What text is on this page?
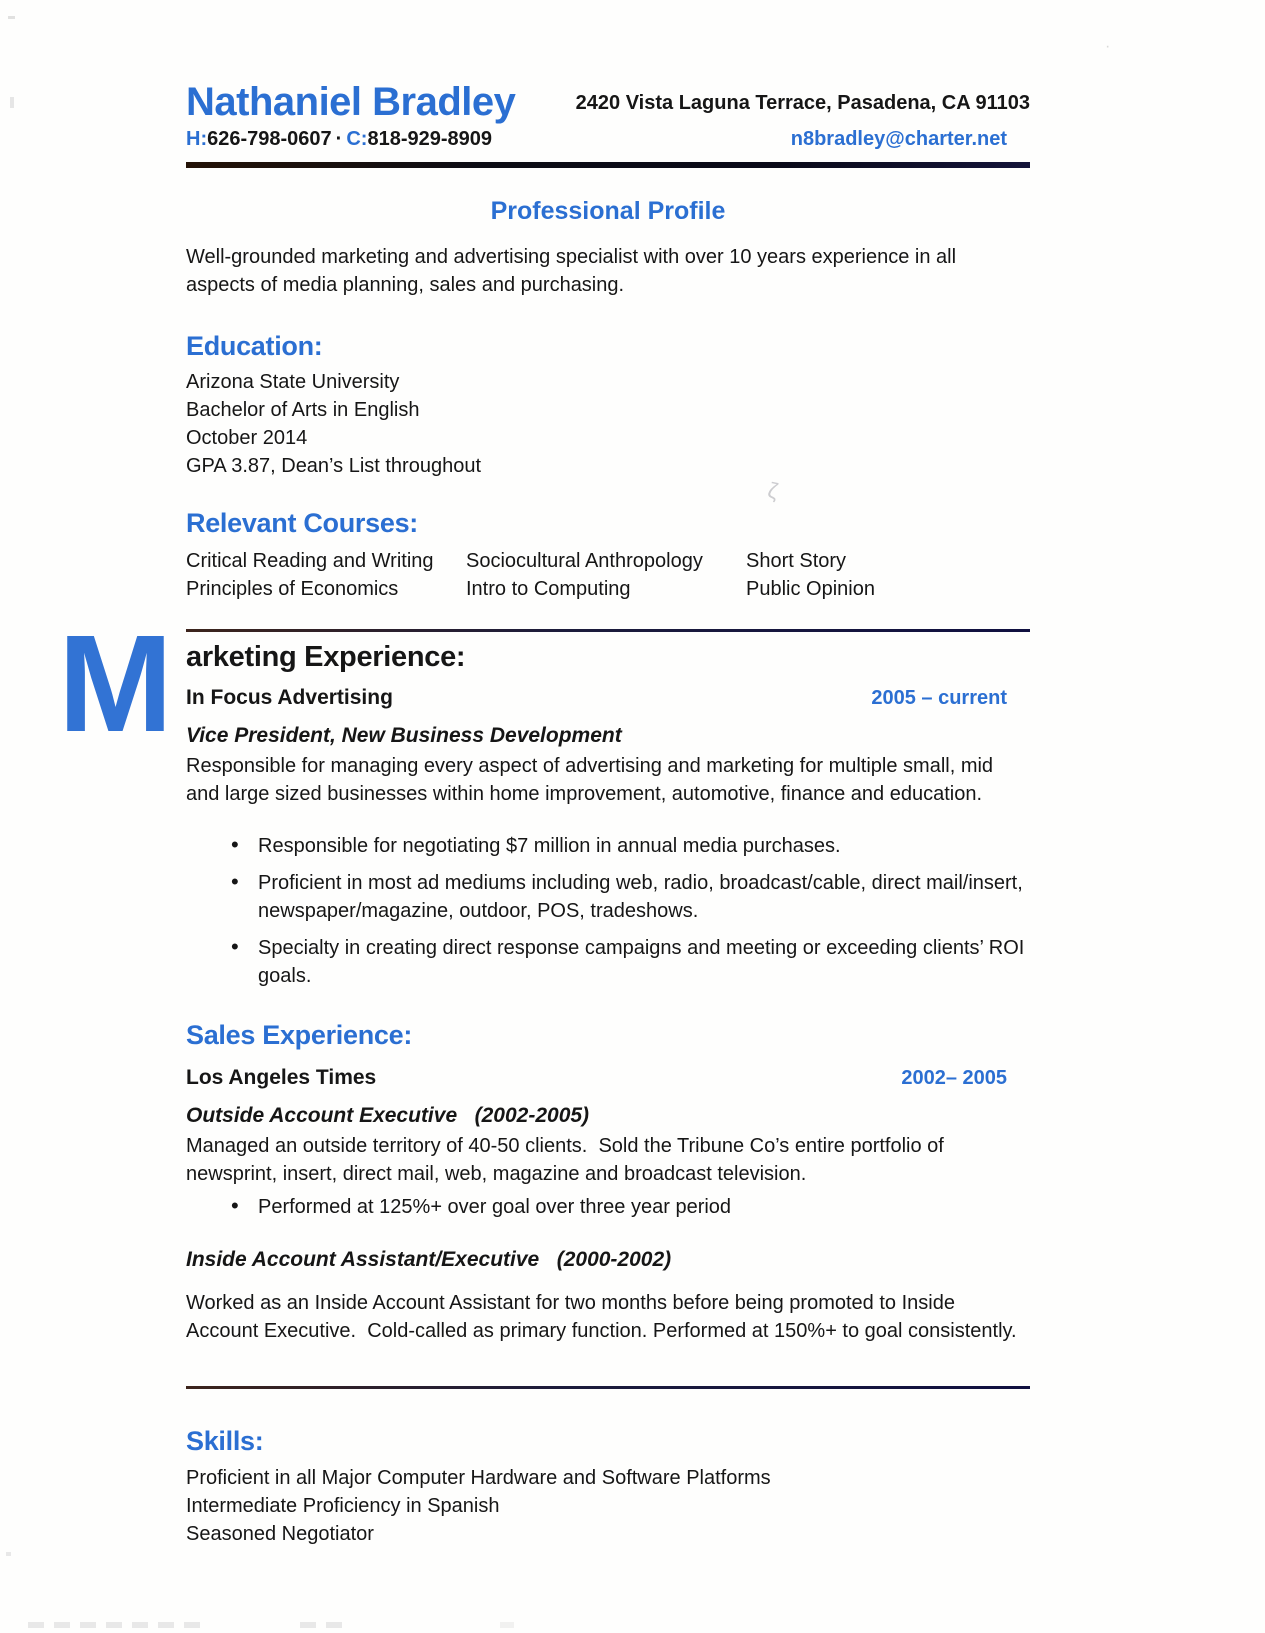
Nathaniel Bradley	2420 Vista Laguna Terrace, Pasadena, CA 91103
H:626-798-0607 · C:818-929-8909	n8bradley@charter.net
Professional Profile
Well-grounded marketing and advertising specialist with over 10 years experience in all aspects of media planning, sales and purchasing.
Education:
Arizona State University
Bachelor of Arts in English
October 2014
GPA 3.87, Dean’s List throughout
Relevant Courses:
Critical Reading and Writing	Sociocultural Anthropology	Short Story
Principles of Economics	Intro to Computing	Public Opinion
M arketing Experience:
In Focus Advertising	2005 – current
Vice President, New Business Development
Responsible for managing every aspect of advertising and marketing for multiple small, mid and large sized businesses within home improvement, automotive, finance and education.
• Responsible for negotiating $7 million in annual media purchases.
• Proficient in most ad mediums including web, radio, broadcast/cable, direct mail/insert, newspaper/magazine, outdoor, POS, tradeshows.
• Specialty in creating direct response campaigns and meeting or exceeding clients’ ROI goals.
Sales Experience:
Los Angeles Times	2002– 2005
Outside Account Executive   (2002-2005)
Managed an outside territory of 40-50 clients.  Sold the Tribune Co’s entire portfolio of newsprint, insert, direct mail, web, magazine and broadcast television.
• Performed at 125%+ over goal over three year period
Inside Account Assistant/Executive   (2000-2002)
Worked as an Inside Account Assistant for two months before being promoted to Inside Account Executive.  Cold-called as primary function. Performed at 150%+ to goal consistently.
Skills:
Proficient in all Major Computer Hardware and Software Platforms
Intermediate Proficiency in Spanish
Seasoned Negotiator
ζ
·
